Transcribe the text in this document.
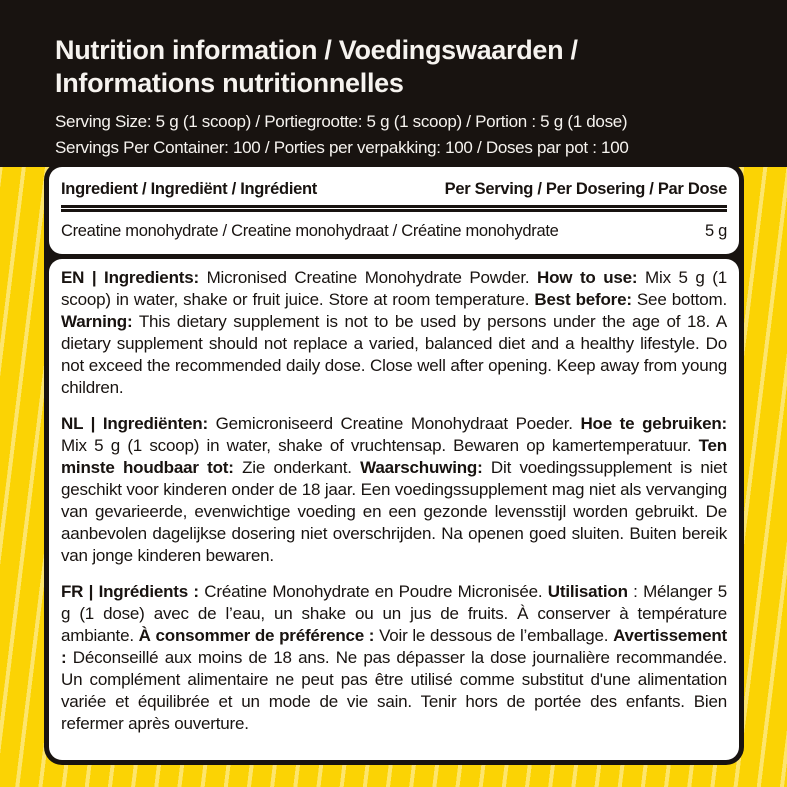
Nutrition information / Voedingswaarden / Informations nutritionnelles
Serving Size: 5 g (1 scoop) / Portiegrootte: 5 g (1 scoop) / Portion : 5 g (1 dose)
Servings Per Container: 100 / Porties per verpakking: 100 / Doses par pot : 100
Ingredient / Ingrediënt / Ingrédient	Per Serving / Per Dosering / Par Dose
Creatine monohydrate / Creatine monohydraat / Créatine monohydrate	5 g

EN | Ingredients: Micronised Creatine Monohydrate Powder. How to use: Mix 5 g (1 scoop) in water, shake or fruit juice. Store at room temperature. Best before: See bottom. Warning: This dietary supplement is not to be used by persons under the age of 18. A dietary supplement should not replace a varied, balanced diet and a healthy lifestyle. Do not exceed the recommended daily dose. Close well after opening. Keep away from young children.

NL | Ingrediënten: Gemicroniseerd Creatine Monohydraat Poeder. Hoe te gebruiken: Mix 5 g (1 scoop) in water, shake of vruchtensap. Bewaren op kamertemperatuur. Ten minste houdbaar tot: Zie onderkant. Waarschuwing: Dit voedingssupplement is niet geschikt voor kinderen onder de 18 jaar. Een voedingssupplement mag niet als vervanging van gevarieerde, evenwichtige voeding en een gezonde levensstijl worden gebruikt. De aanbevolen dagelijkse dosering niet overschrijden. Na openen goed sluiten. Buiten bereik van jonge kinderen bewaren.

FR | Ingrédients : Créatine Monohydrate en Poudre Micronisée. Utilisation : Mélanger 5 g (1 dose) avec de l’eau, un shake ou un jus de fruits. À conserver à température ambiante. À consommer de préférence : Voir le dessous de l’emballage. Avertissement : Déconseillé aux moins de 18 ans. Ne pas dépasser la dose journalière recommandée. Un complément alimentaire ne peut pas être utilisé comme substitut d'une alimentation variée et équilibrée et un mode de vie sain. Tenir hors de portée des enfants. Bien refermer après ouverture.
